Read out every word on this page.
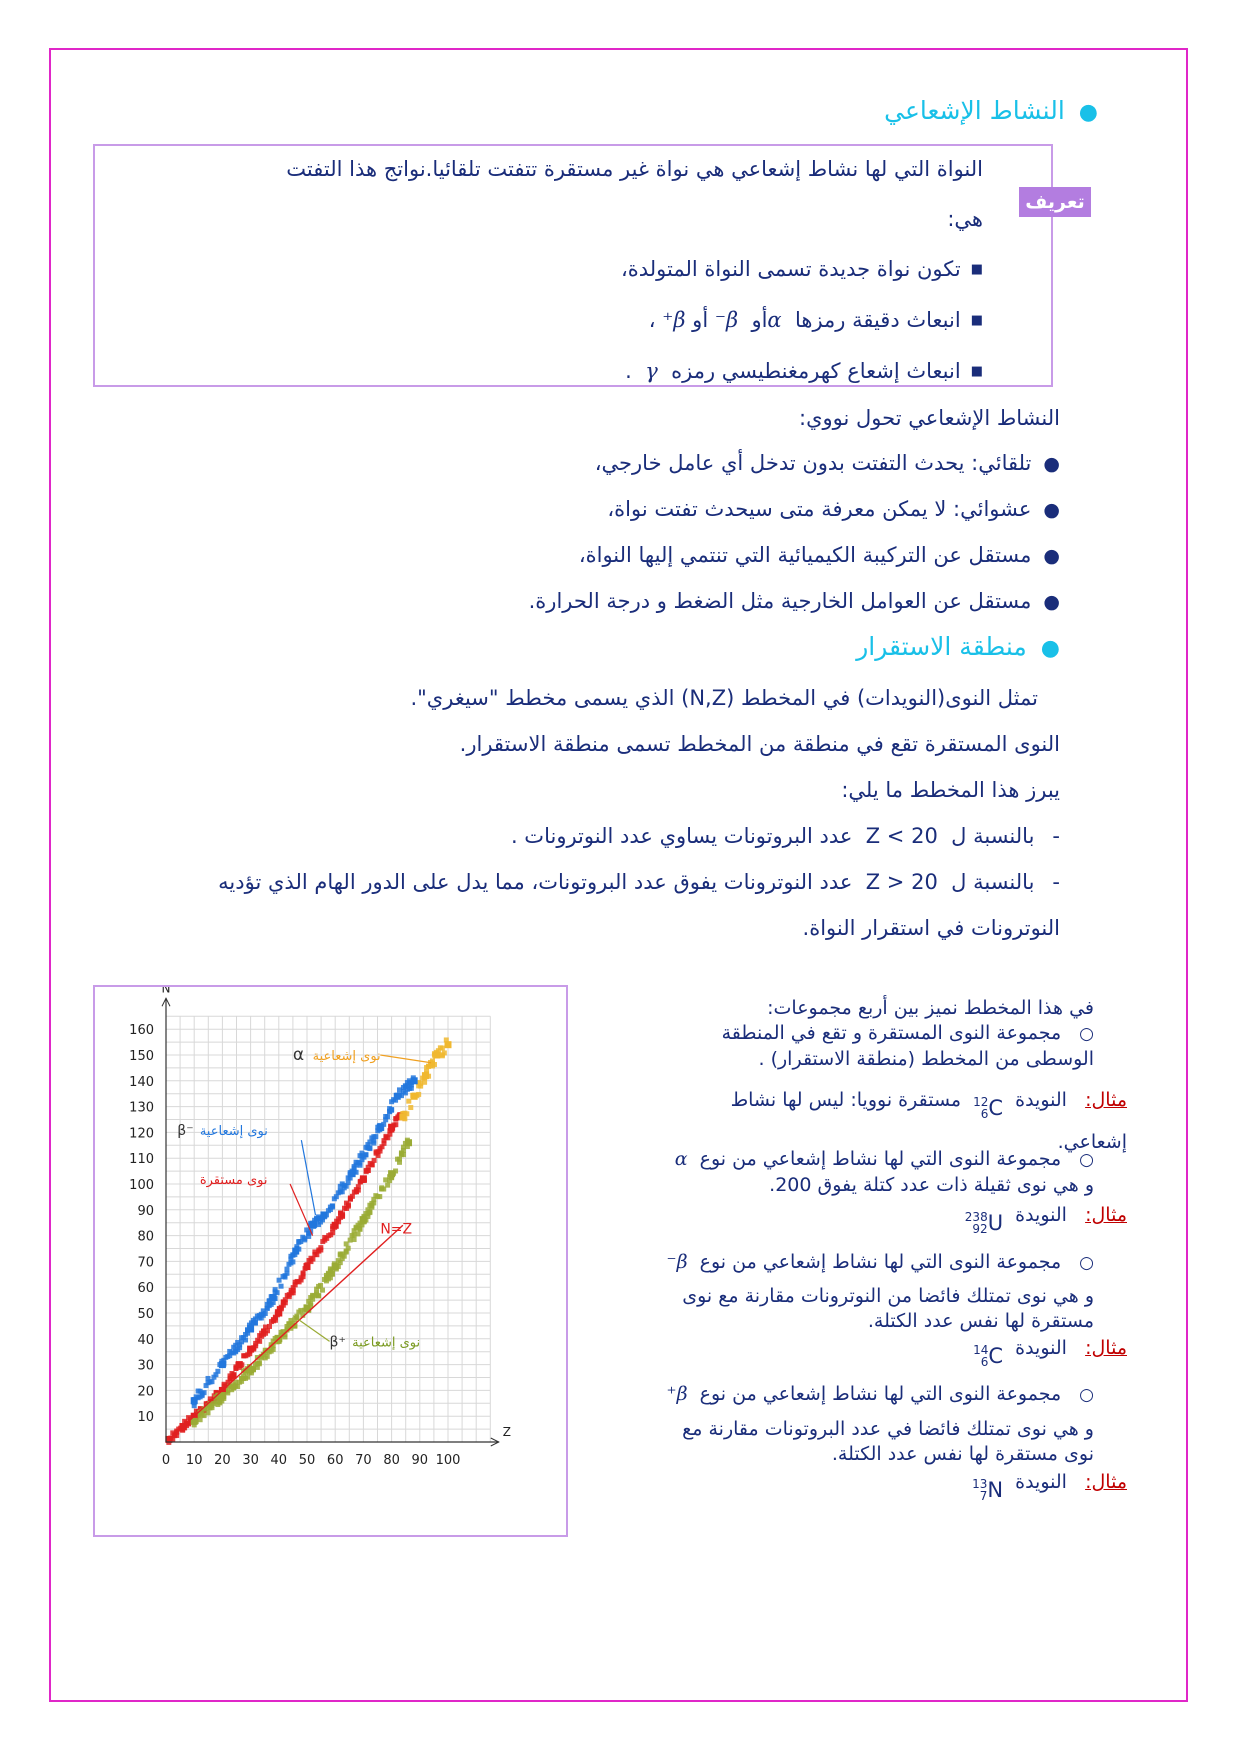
●النشاط الإشعاعي
تعريف
النواة التي لها نشاط إشعاعي هي نواة غير مستقرة تتفتت تلقائيا.نواتج هذا التفتت
هي:
■تكون نواة جديدة تسمى النواة المتولدة،
■انبعاث دقيقة رمزها  αأو  β⁻ أو β⁺ ،
■انبعاث إشعاع كهرمغنطيسي رمزه  γ  .
النشاط الإشعاعي تحول نووي:
●تلقائي: يحدث التفتت بدون تدخل أي عامل خارجي،
●عشوائي: لا يمكن معرفة متى سيحدث تفتت نواة،
●مستقل عن التركيبة الكيميائية التي تنتمي إليها النواة،
●مستقل عن العوامل الخارجية مثل الضغط و درجة الحرارة.
●منطقة الاستقرار
تمثل النوى(النويدات) في المخطط (N,Z) الذي يسمى مخطط "سيغري".
النوى المستقرة تقع في منطقة من المخطط تسمى منطقة الاستقرار.
يبرز هذا المخطط ما يلي:
-بالنسبة ل  Z < 20  عدد البروتونات يساوي عدد النوترونات .
-بالنسبة ل  Z > 20  عدد النوترونات يفوق عدد البروتونات، مما يدل على الدور الهام الذي تؤديه
النوترونات في استقرار النواة.
في هذا المخطط نميز بين أربع مجموعات:
○مجموعة النوى المستقرة و تقع في المنطقة
الوسطى من المخطط (منطقة الاستقرار) .
مثال:   النويدة
12
6 C
مستقرة نوويا: ليس لها نشاط
إشعاعي.
○مجموعة النوى التي لها نشاط إشعاعي من نوع  α
و هي نوى ثقيلة ذات عدد كتلة يفوق 200.
مثال:   النويدة
238
92 U
○مجموعة النوى التي لها نشاط إشعاعي من نوع  β⁻
و هي نوى تمتلك فائضا من النوترونات مقارنة مع نوى
مستقرة لها نفس عدد الكتلة.
مثال:   النويدة
14
6 C
○مجموعة النوى التي لها نشاط إشعاعي من نوع  β⁺
و هي نوى تمتلك فائضا في عدد البروتونات مقارنة مع
نوى مستقرة لها نفس عدد الكتلة.
مثال:   النويدة
13
7 N
0 10 20 30 40 50 60 70 80 90 100
10
20
30
40
50
60
70
80
90
100
110
120
130
140
150
160
N
Z
N=Z
α نوى إشعاعية
β⁻ نوى إشعاعية
نوى مستقرة
β⁺ نوى إشعاعية
